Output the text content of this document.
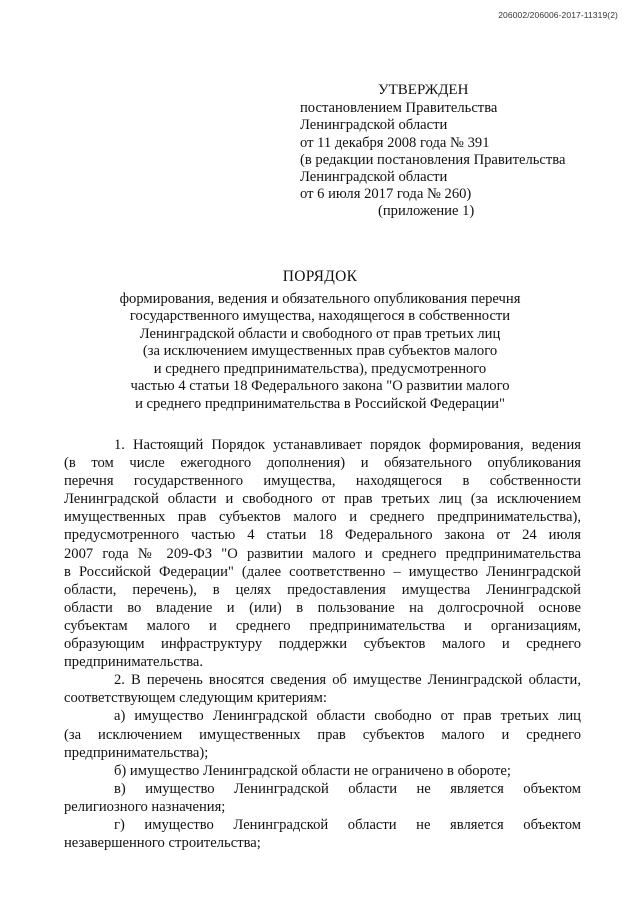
206002/206006-2017-11319(2)
УТВЕРЖДЕН
постановлением Правительства
Ленинградской области
от 11 декабря 2008 года № 391
(в редакции постановления Правительства
Ленинградской области
от 6 июля 2017 года № 260)
(приложение 1)
ПОРЯДОК
формирования, ведения и обязательного опубликования перечня
государственного имущества, находящегося в собственности
Ленинградской области и свободного от прав третьих лиц
(за исключением имущественных прав субъектов малого
и среднего предпринимательства), предусмотренного
частью 4 статьи 18 Федерального закона "О развитии малого
и среднего предпринимательства в Российской Федерации"
1. Настоящий Порядок устанавливает порядок формирования, ведения
(в том числе ежегодного дополнения) и обязательного опубликования
перечня государственного имущества, находящегося в собственности
Ленинградской области и свободного от прав третьих лиц (за исключением
имущественных прав субъектов малого и среднего предпринимательства),
предусмотренного частью 4 статьи 18 Федерального закона от 24 июля
2007 года № 209-ФЗ "О развитии малого и среднего предпринимательства
в Российской Федерации" (далее соответственно – имущество Ленинградской
области, перечень), в целях предоставления имущества Ленинградской
области во владение и (или) в пользование на долгосрочной основе
субъектам малого и среднего предпринимательства и организациям,
образующим инфраструктуру поддержки субъектов малого и среднего
предпринимательства.
2. В перечень вносятся сведения об имуществе Ленинградской области,
соответствующем следующим критериям:
а) имущество Ленинградской области свободно от прав третьих лиц
(за исключением имущественных прав субъектов малого и среднего
предпринимательства);
б) имущество Ленинградской области не ограничено в обороте;
в) имущество Ленинградской области не является объектом
религиозного назначения;
г) имущество Ленинградской области не является объектом
незавершенного строительства;
